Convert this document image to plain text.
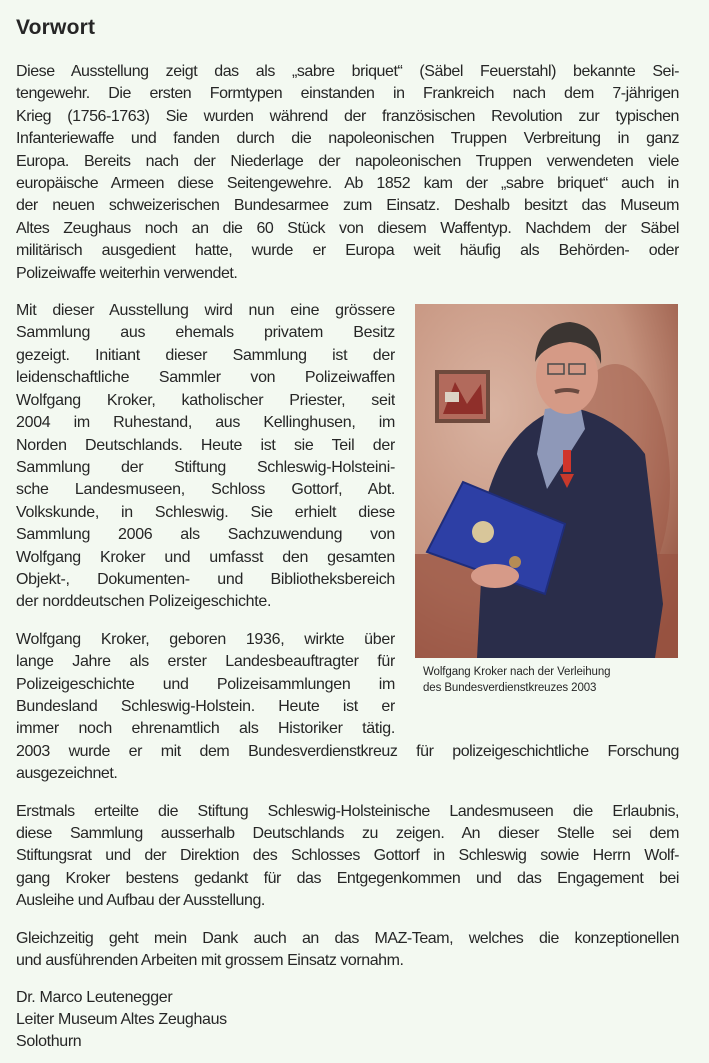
Vorwort
Diese Ausstellung zeigt das als „sabre briquet“ (Säbel Feuerstahl) bekannte Sei-
tengewehr. Die ersten Formtypen einstanden in Frankreich nach dem 7-jährigen
Krieg (1756-1763) Sie wurden während der französischen Revolution zur typischen
Infanteriewaffe und fanden durch die napoleonischen Truppen Verbreitung in ganz
Europa. Bereits nach der Niederlage der napoleonischen Truppen verwendeten viele
europäische Armeen diese Seitengewehre. Ab 1852 kam der „sabre briquet“ auch in
der neuen schweizerischen Bundesarmee zum Einsatz. Deshalb besitzt das Museum
Altes Zeughaus noch an die 60 Stück von diesem Waffentyp. Nachdem der Säbel
militärisch ausgedient hatte, wurde er Europa weit häufig als Behörden- oder
Polizeiwaffe weiterhin verwendet.
Wolfgang Kroker nach der Verleihung
des Bundesverdienstkreuzes 2003
Mit dieser Ausstellung wird nun eine grössere
Sammlung aus ehemals privatem Besitz
gezeigt. Initiant dieser Sammlung ist der
leidenschaftliche Sammler von Polizeiwaffen
Wolfgang Kroker, katholischer Priester, seit
2004 im Ruhestand, aus Kellinghusen, im
Norden Deutschlands. Heute ist sie Teil der
Sammlung der Stiftung Schleswig-Holsteini-
sche Landesmuseen, Schloss Gottorf, Abt.
Volkskunde, in Schleswig. Sie erhielt diese
Sammlung 2006 als Sachzuwendung von
Wolfgang Kroker und umfasst den gesamten
Objekt-, Dokumenten- und Bibliotheksbereich
der norddeutschen Polizeigeschichte.
Wolfgang Kroker, geboren 1936, wirkte über
lange Jahre als erster Landesbeauftragter für
Polizeigeschichte und Polizeisammlungen im
Bundesland Schleswig-Holstein. Heute ist er
immer noch ehrenamtlich als Historiker tätig.
2003 wurde er mit dem Bundesverdienstkreuz für polizeigeschichtliche Forschung
ausgezeichnet.
Erstmals erteilte die Stiftung Schleswig-Holsteinische Landesmuseen die Erlaubnis,
diese Sammlung ausserhalb Deutschlands zu zeigen. An dieser Stelle sei dem
Stiftungsrat und der Direktion des Schlosses Gottorf in Schleswig sowie Herrn Wolf-
gang Kroker bestens gedankt für das Entgegenkommen und das Engagement bei
Ausleihe und Aufbau der Ausstellung.
Gleichzeitig geht mein Dank auch an das MAZ-Team, welches die konzeptionellen
und ausführenden Arbeiten mit grossem Einsatz vornahm.
Dr. Marco Leutenegger
Leiter Museum Altes Zeughaus
Solothurn
